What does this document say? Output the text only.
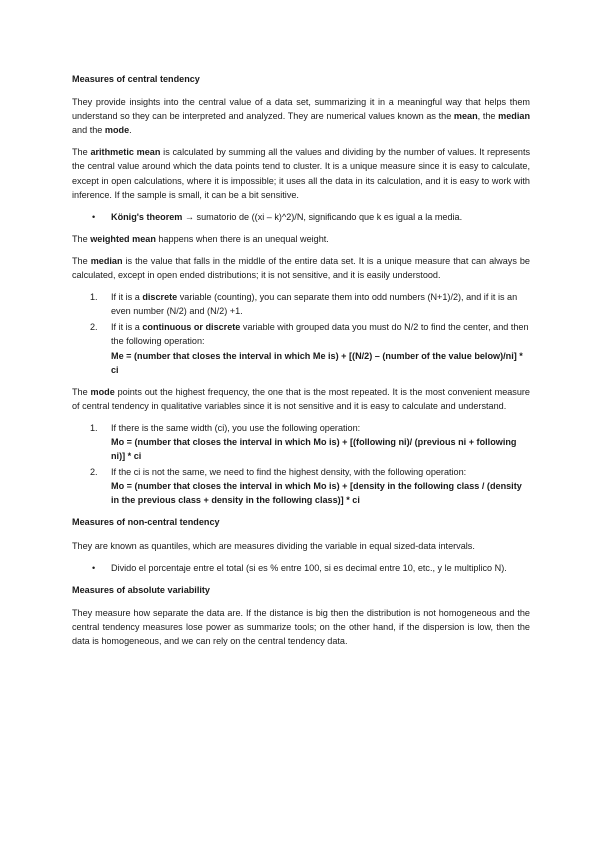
Measures of central tendency

They provide insights into the central value of a data set, summarizing it in a meaningful way that helps them understand so they can be interpreted and analyzed. They are numerical values known as the mean, the median and the mode.

The arithmetic mean is calculated by summing all the values and dividing by the number of values. It represents the central value around which the data points tend to cluster. It is a unique measure since it is easy to calculate, except in open calculations, where it is impossible; it uses all the data in its calculation, and it is easy to work with inference. If the sample is small, it can be a bit sensitive.

• König's theorem → sumatorio de ((xi – k)^2)/N, significando que k es igual a la media.

The weighted mean happens when there is an unequal weight.

The median is the value that falls in the middle of the entire data set. It is a unique measure that can always be calculated, except in open ended distributions; it is not sensitive, and it is easily understood.

1. If it is a discrete variable (counting), you can separate them into odd numbers (N+1)/2), and if it is an even number (N/2) and (N/2) +1.
2. If it is a continuous or discrete variable with grouped data you must do N/2 to find the center, and then the following operation:
Me = (number that closes the interval in which Me is) + [(N/2) – (number of the value below)/ni] * ci

The mode points out the highest frequency, the one that is the most repeated. It is the most convenient measure of central tendency in qualitative variables since it is not sensitive and it is easy to calculate and understand.

1. If there is the same width (ci), you use the following operation:
Mo = (number that closes the interval in which Mo is) + [(following ni)/ (previous ni + following ni)] * ci
2. If the ci is not the same, we need to find the highest density, with the following operation:
Mo = (number that closes the interval in which Mo is) + [density in the following class / (density in the previous class + density in the following class)] * ci
Measures of non-central tendency

They are known as quantiles, which are measures dividing the variable in equal sized-data intervals.

• Divido el porcentaje entre el total (si es % entre 100, si es decimal entre 10, etc., y le multiplico N).
Measures of absolute variability

They measure how separate the data are. If the distance is big then the distribution is not homogeneous and the central tendency measures lose power as summarize tools; on the other hand, if the dispersion is low, then the data is homogeneous, and we can rely on the central tendency data.
